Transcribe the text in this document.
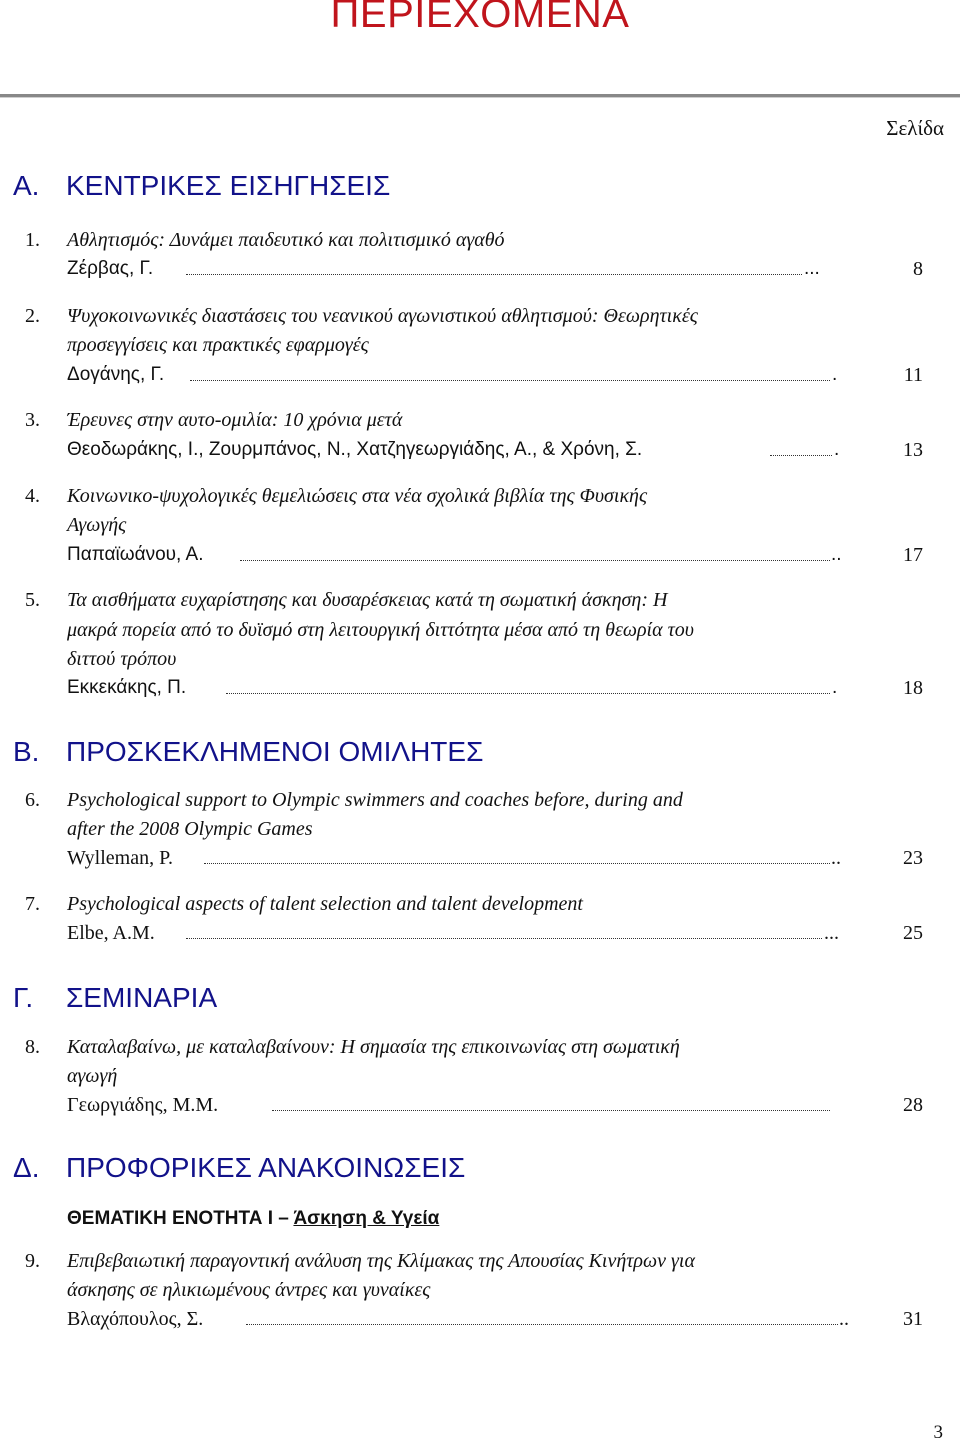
ΠΕΡΙΕΧΟΜΕΝΑ
Σελίδα
Α. ΚΕΝΤΡΙΚΕΣ ΕΙΣΗΓΗΣΕΙΣ
1. Αθλητισμός: Δυνάμει παιδευτικό και πολιτισμικό αγαθό
Ζέρβας, Γ.	...	8
2. Ψυχοκοινωνικές διαστάσεις του νεανικού αγωνιστικού αθλητισμού: Θεωρητικές
προσεγγίσεις και πρακτικές εφαρμογές
Δογάνης, Γ.	.	11
3. Έρευνες στην αυτο-ομιλία: 10 χρόνια μετά
Θεοδωράκης, Ι., Ζουρμπάνος, Ν., Χατζηγεωργιάδης, Α., & Χρόνη, Σ.	.	13
4. Κοινωνικο-ψυχολογικές θεμελιώσεις στα νέα σχολικά βιβλία της Φυσικής
Αγωγής
Παπαϊωάνου, Α.	..	17
5. Τα αισθήματα ευχαρίστησης και δυσαρέσκειας κατά τη σωματική άσκηση: Η
μακρά πορεία από το δυϊσμό στη λειτουργική διττότητα μέσα από τη θεωρία του
διττού τρόπου
Εκκεκάκης, Π.	.	18
Β. ΠΡΟΣΚΕΚΛΗΜΕΝΟΙ ΟΜΙΛΗΤΕΣ
6. Psychological support to Olympic swimmers and coaches before, during and
after the 2008 Olympic Games
Wylleman, P.	..	23
7. Psychological aspects of talent selection and talent development
Elbe, A.M.	...	25
Γ. ΣΕΜΙΝΑΡΙΑ
8. Καταλαβαίνω, με καταλαβαίνουν: Η σημασία της επικοινωνίας στη σωματική
αγωγή
Γεωργιάδης, Μ.Μ.	28
Δ. ΠΡΟΦΟΡΙΚΕΣ ΑΝΑΚΟΙΝΩΣΕΙΣ
ΘΕΜΑΤΙΚΗ ΕΝΟΤΗΤΑ Ι – Άσκηση & Υγεία
9. Επιβεβαιωτική παραγοντική ανάλυση της Κλίμακας της Απουσίας Κινήτρων για
άσκησης σε ηλικιωμένους άντρες και γυναίκες
Βλαχόπουλος, Σ.	..	31
3
